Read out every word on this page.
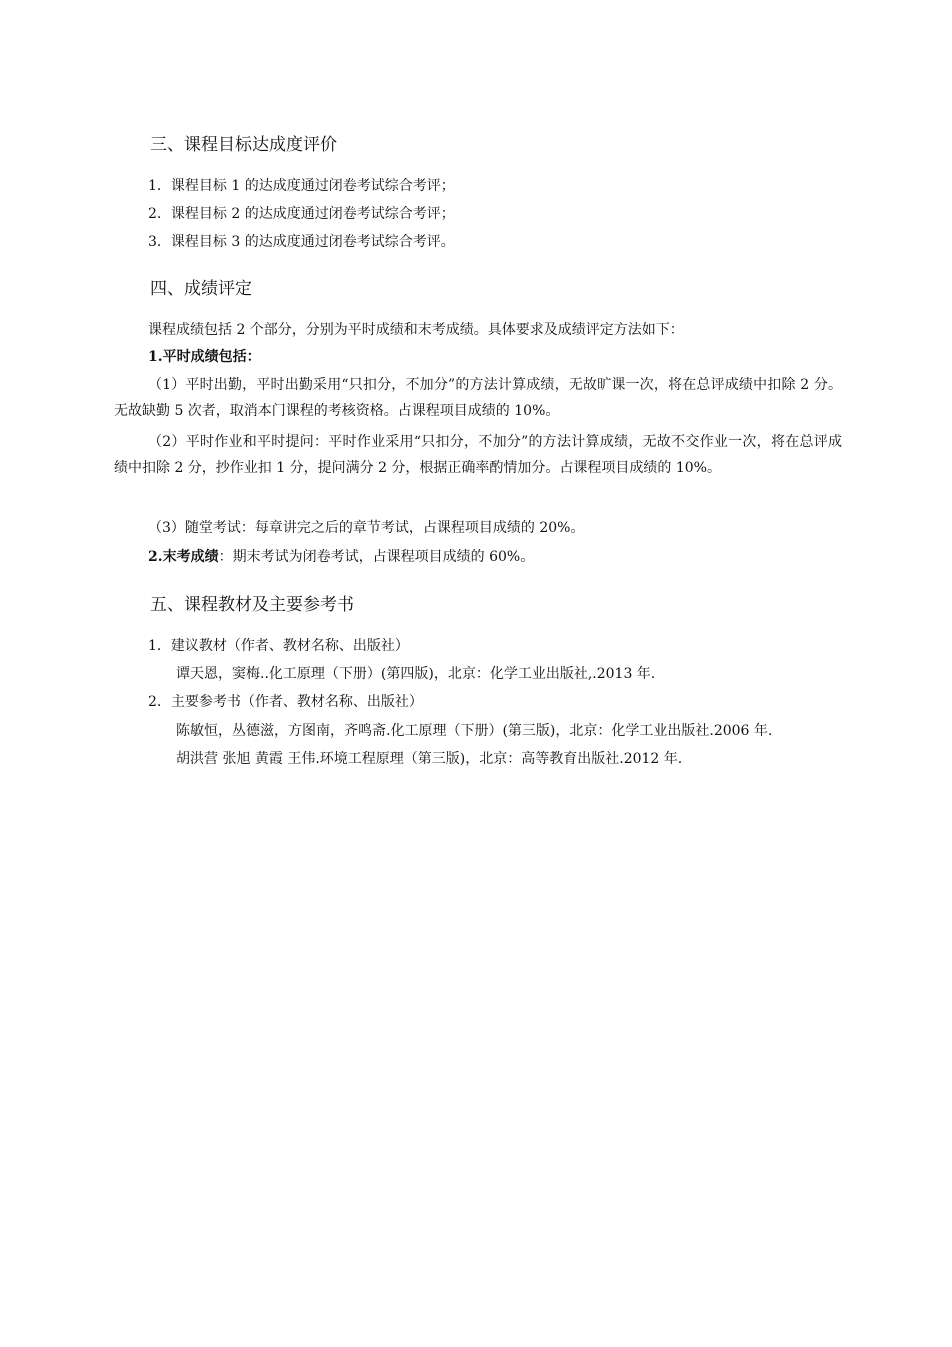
三、课程目标达成度评价
1．课程目标 1 的达成度通过闭卷考试综合考评；
2．课程目标 2 的达成度通过闭卷考试综合考评；
3．课程目标 3 的达成度通过闭卷考试综合考评。
四、成绩评定
课程成绩包括 2 个部分，分别为平时成绩和末考成绩。具体要求及成绩评定方法如下：
1.平时成绩包括：
（1）平时出勤，平时出勤采用“只扣分，不加分”的方法计算成绩，无故旷课一次，将在总评成绩中扣除 2 分。无故缺勤 5 次者，取消本门课程的考核资格。占课程项目成绩的 10%。
（2）平时作业和平时提问：平时作业采用“只扣分，不加分”的方法计算成绩，无故不交作业一次，将在总评成绩中扣除 2 分，抄作业扣 1 分，提问满分 2 分，根据正确率酌情加分。占课程项目成绩的 10%。
（3）随堂考试：每章讲完之后的章节考试，占课程项目成绩的 20%。
2.末考成绩：期末考试为闭卷考试，占课程项目成绩的 60%。
五、课程教材及主要参考书
1．建议教材（作者、教材名称、出版社）
谭天恩，窦梅..化工原理（下册）(第四版)，北京：化学工业出版社,.2013 年.
2．主要参考书（作者、教材名称、出版社）
陈敏恒，丛德滋，方图南，齐鸣斋.化工原理（下册）(第三版)，北京：化学工业出版社.2006 年.
胡洪营 张旭 黄霞 王伟.环境工程原理（第三版)，北京：高等教育出版社.2012 年.
